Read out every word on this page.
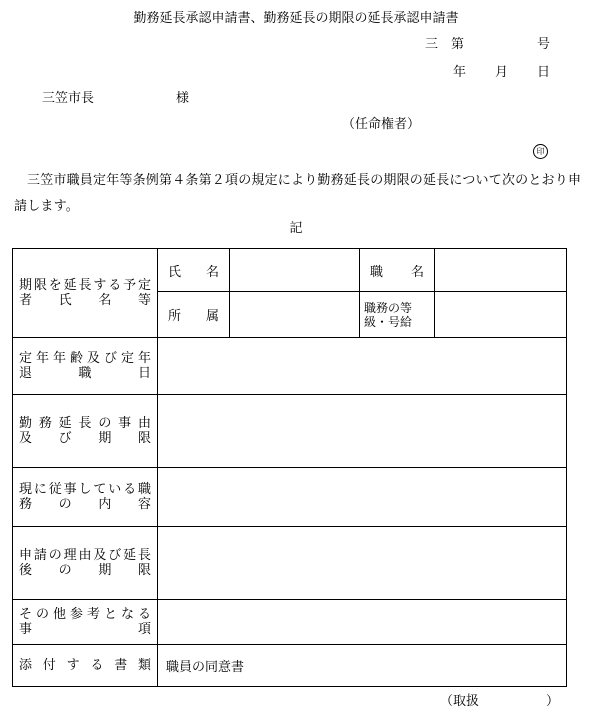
勤務延長承認申請書、勤務延長の期限の延長承認申請書
三 第	号
年 月 日
三笠市長	様
（任命権者）
印
三笠市職員定年等条例第４条第２項の規定により勤務延長の期限の延長について次のとおり申請します。
記
期限を延長する予定
者　氏　名　等	氏　名		職　名	

	所　属		職務の等
級・号給	

定年年齢及び定年
退　職　日				

勤務延長の事由
及び期限				

現に従事している職
務の内容				

申請の理由及び延長
後の期限				

その他参考となる
事　項				

添付する書類	職員の同意書			
（取扱	）
